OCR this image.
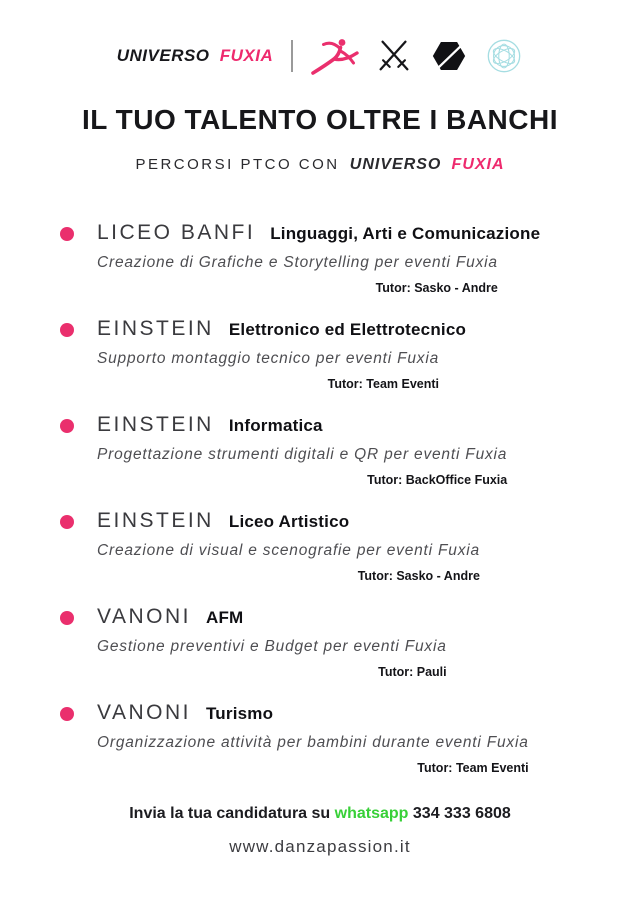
UNIVERSO FUXIA
IL TUO TALENTO OLTRE I BANCHI
PERCORSI PTCO CON UNIVERSO FUXIA
LICEO BANFI Linguaggi, Arti e Comunicazione
Creazione di Grafiche e Storytelling per eventi Fuxia
Tutor: Sasko - Andre
EINSTEIN Elettronico ed Elettrotecnico
Supporto montaggio tecnico per eventi Fuxia
Tutor: Team Eventi
EINSTEIN Informatica
Progettazione strumenti digitali e QR per eventi Fuxia
Tutor: BackOffice Fuxia
EINSTEIN Liceo Artistico
Creazione di visual e scenografie per eventi Fuxia
Tutor: Sasko - Andre
VANONI AFM
Gestione preventivi e Budget per eventi Fuxia
Tutor: Pauli
VANONI Turismo
Organizzazione attività per bambini durante eventi Fuxia
Tutor: Team Eventi
Invia la tua candidatura su whatsapp 334 333 6808
www.danzapassion.it
